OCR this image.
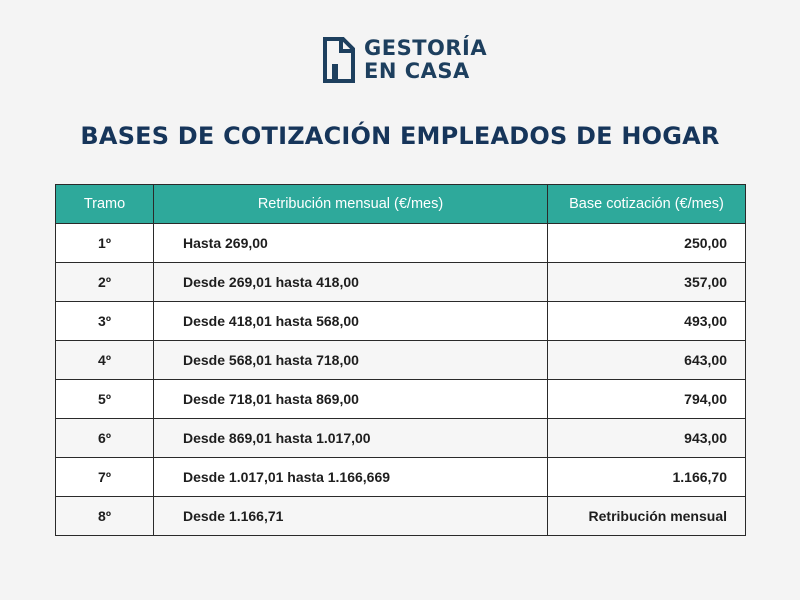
GESTORÍA
EN CASA
BASES DE COTIZACIÓN EMPLEADOS DE HOGAR
Tramo	Retribución mensual (€/mes)	Base cotización (€/mes)
1º	Hasta 269,00	250,00
2º	Desde 269,01 hasta 418,00	357,00
3º	Desde 418,01 hasta 568,00	493,00
4º	Desde 568,01 hasta 718,00	643,00
5º	Desde 718,01 hasta 869,00	794,00
6º	Desde 869,01 hasta 1.017,00	943,00
7º	Desde 1.017,01 hasta 1.166,669	1.166,70
8º	Desde 1.166,71	Retribución mensual
